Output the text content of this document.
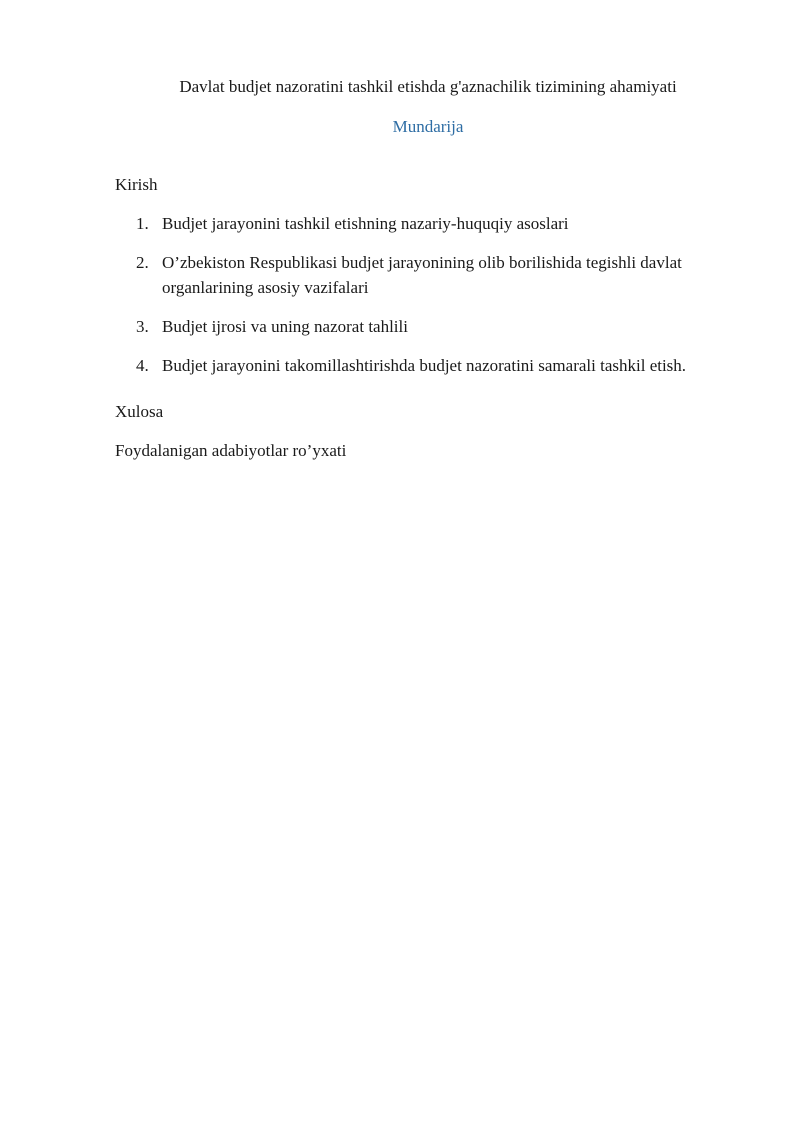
Davlat budjet nazoratini tashkil etishda g'aznachilik tizimining ahamiyati
Mundarija

Kirish

1. Budjet jarayonini tashkil etishning nazariy-huquqiy asoslari
2. O’zbekiston Respublikasi budjet jarayonining olib borilishida tegishli davlat organlarining asosiy vazifalari
3. Budjet ijrosi va uning nazorat tahlili
4. Budjet jarayonini takomillashtirishda budjet nazoratini samarali tashkil etish.

Xulosa

Foydalanigan adabiyotlar ro’yxati
